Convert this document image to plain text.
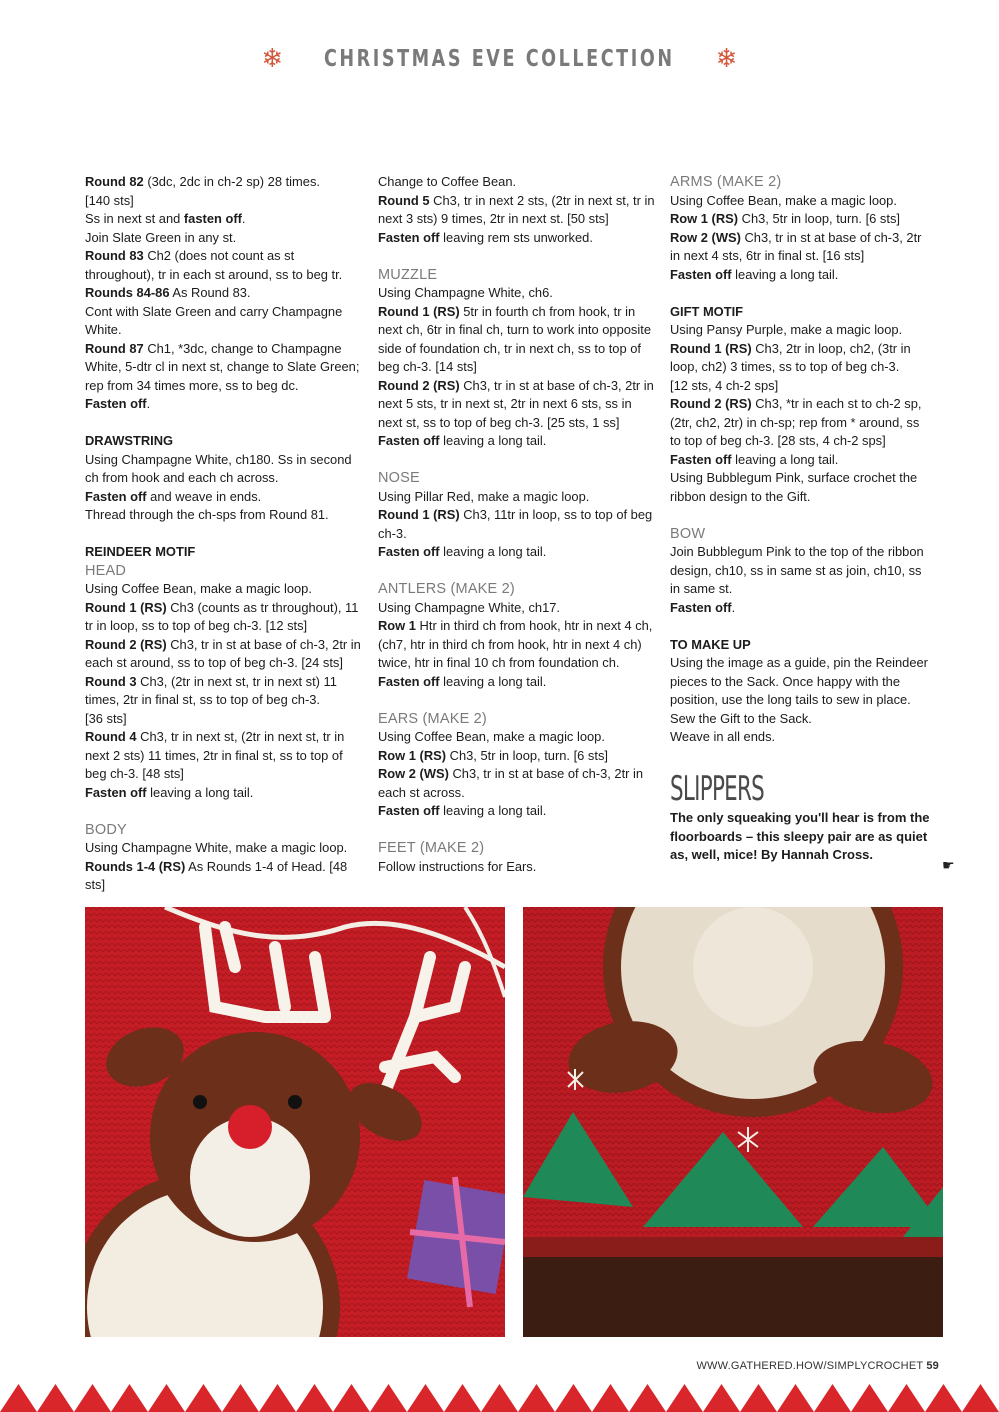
❄ CHRISTMAS EVE COLLECTION ❄

Round 82 (3dc, 2dc in ch-2 sp) 28 times.

[140 sts]

Ss in next st and fasten off.

Join Slate Green in any st.

Round 83 Ch2 (does not count as st throughout), tr in each st around, ss to beg tr.

Rounds 84-86 As Round 83.

Cont with Slate Green and carry Champagne White.

Round 87 Ch1, *3dc, change to Champagne White, 5-dtr cl in next st, change to Slate Green; rep from 34 times more, ss to beg dc.

Fasten off.

DRAWSTRING

Using Champagne White, ch180. Ss in second ch from hook and each ch across.

Fasten off and weave in ends.

Thread through the ch-sps from Round 81.

REINDEER MOTIF

HEAD

Using Coffee Bean, make a magic loop.

Round 1 (RS) Ch3 (counts as tr throughout), 11 tr in loop, ss to top of beg ch-3. [12 sts]

Round 2 (RS) Ch3, tr in st at base of ch-3, 2tr in each st around, ss to top of beg ch-3. [24 sts]

Round 3 Ch3, (2tr in next st, tr in next st) 11 times, 2tr in final st, ss to top of beg ch-3.

[36 sts]

Round 4 Ch3, tr in next st, (2tr in next st, tr in next 2 sts) 11 times, 2tr in final st, ss to top of beg ch-3. [48 sts]

Fasten off leaving a long tail.

BODY

Using Champagne White, make a magic loop.

Rounds 1-4 (RS) As Rounds 1-4 of Head. [48 sts]

Change to Coffee Bean.

Round 5 Ch3, tr in next 2 sts, (2tr in next st, tr in next 3 sts) 9 times, 2tr in next st. [50 sts]

Fasten off leaving rem sts unworked.

MUZZLE

Using Champagne White, ch6.

Round 1 (RS) 5tr in fourth ch from hook, tr in next ch, 6tr in final ch, turn to work into opposite side of foundation ch, tr in next ch, ss to top of beg ch-3. [14 sts]

Round 2 (RS) Ch3, tr in st at base of ch-3, 2tr in next 5 sts, tr in next st, 2tr in next 6 sts, ss in next st, ss to top of beg ch-3. [25 sts, 1 ss]

Fasten off leaving a long tail.

NOSE

Using Pillar Red, make a magic loop.

Round 1 (RS) Ch3, 11tr in loop, ss to top of beg ch-3.

Fasten off leaving a long tail.

ANTLERS (MAKE 2)

Using Champagne White, ch17.

Row 1 Htr in third ch from hook, htr in next 4 ch, (ch7, htr in third ch from hook, htr in next 4 ch) twice, htr in final 10 ch from foundation ch.

Fasten off leaving a long tail.

EARS (MAKE 2)

Using Coffee Bean, make a magic loop.

Row 1 (RS) Ch3, 5tr in loop, turn. [6 sts]

Row 2 (WS) Ch3, tr in st at base of ch-3, 2tr in each st across.

Fasten off leaving a long tail.

FEET (MAKE 2)

Follow instructions for Ears.

ARMS (MAKE 2)

Using Coffee Bean, make a magic loop.

Row 1 (RS) Ch3, 5tr in loop, turn. [6 sts]

Row 2 (WS) Ch3, tr in st at base of ch-3, 2tr in next 4 sts, 6tr in final st. [16 sts]

Fasten off leaving a long tail.

GIFT MOTIF

Using Pansy Purple, make a magic loop.

Round 1 (RS) Ch3, 2tr in loop, ch2, (3tr in loop, ch2) 3 times, ss to top of beg ch-3.

[12 sts, 4 ch-2 sps]

Round 2 (RS) Ch3, *tr in each st to ch-2 sp, (2tr, ch2, 2tr) in ch-sp; rep from * around, ss to top of beg ch-3. [28 sts, 4 ch-2 sps]

Fasten off leaving a long tail.

Using Bubblegum Pink, surface crochet the ribbon design to the Gift.

BOW

Join Bubblegum Pink to the top of the ribbon design, ch10, ss in same st as join, ch10, ss in same st.

Fasten off.

TO MAKE UP

Using the image as a guide, pin the Reindeer pieces to the Sack. Once happy with the position, use the long tails to sew in place.

Sew the Gift to the Sack.

Weave in all ends.

SLIPPERS

The only squeaking you'll hear is from the floorboards – this sleepy pair are as quiet as, well, mice! By Hannah Cross.

☛
WWW.GATHERED.HOW/SIMPLYCROCHET 59
